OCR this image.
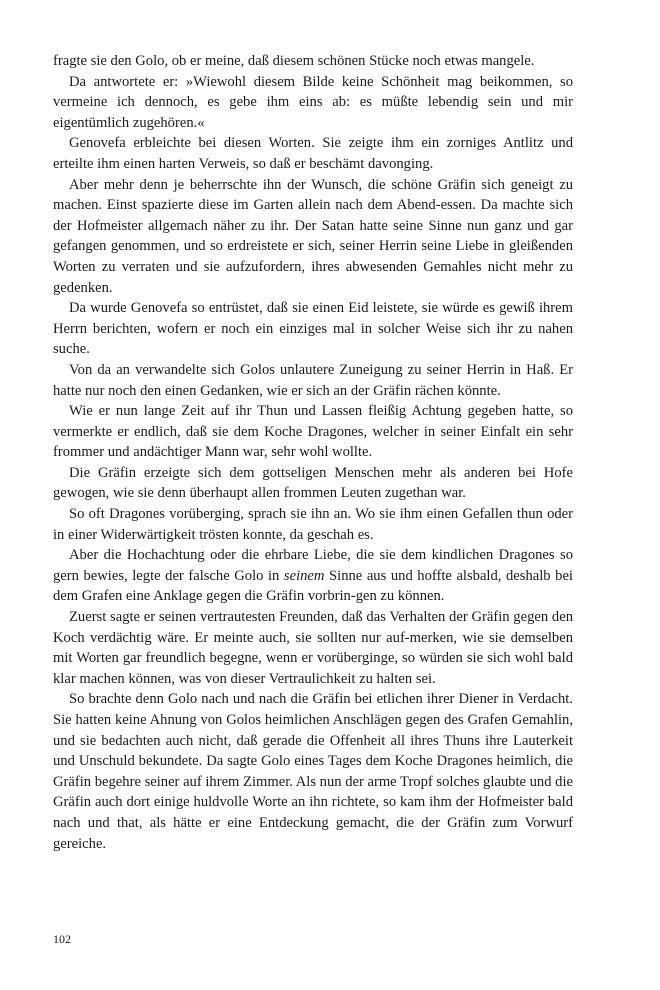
fragte sie den Golo, ob er meine, daß diesem schönen Stücke noch etwas mangele.

Da antwortete er: »Wiewohl diesem Bilde keine Schönheit mag beikommen, so vermeine ich dennoch, es gebe ihm eins ab: es müßte lebendig sein und mir eigentümlich zugehören.«

Genovefa erbleichte bei diesen Worten. Sie zeigte ihm ein zorniges Antlitz und erteilte ihm einen harten Verweis, so daß er beschämt davonging.

Aber mehr denn je beherrschte ihn der Wunsch, die schöne Gräfin sich geneigt zu machen. Einst spazierte diese im Garten allein nach dem Abend-essen. Da machte sich der Hofmeister allgemach näher zu ihr. Der Satan hatte seine Sinne nun ganz und gar gefangen genommen, und so erdreistete er sich, seiner Herrin seine Liebe in gleißenden Worten zu verraten und sie aufzufordern, ihres abwesenden Gemahles nicht mehr zu gedenken.

Da wurde Genovefa so entrüstet, daß sie einen Eid leistete, sie würde es gewiß ihrem Herrn berichten, wofern er noch ein einziges mal in solcher Weise sich ihr zu nahen suche.

Von da an verwandelte sich Golos unlautere Zuneigung zu seiner Herrin in Haß. Er hatte nur noch den einen Gedanken, wie er sich an der Gräfin rächen könnte.

Wie er nun lange Zeit auf ihr Thun und Lassen fleißig Achtung gegeben hatte, so vermerkte er endlich, daß sie dem Koche Dragones, welcher in seiner Einfalt ein sehr frommer und andächtiger Mann war, sehr wohl wollte.

Die Gräfin erzeigte sich dem gottseligen Menschen mehr als anderen bei Hofe gewogen, wie sie denn überhaupt allen frommen Leuten zugethan war.

So oft Dragones vorüberging, sprach sie ihn an. Wo sie ihm einen Gefallen thun oder in einer Widerwärtigkeit trösten konnte, da geschah es.

Aber die Hochachtung oder die ehrbare Liebe, die sie dem kindlichen Dragones so gern bewies, legte der falsche Golo in seinem Sinne aus und hoffte alsbald, deshalb bei dem Grafen eine Anklage gegen die Gräfin vorbrin-gen zu können.

Zuerst sagte er seinen vertrautesten Freunden, daß das Verhalten der Gräfin gegen den Koch verdächtig wäre. Er meinte auch, sie sollten nur auf-merken, wie sie demselben mit Worten gar freundlich begegne, wenn er vorüberginge, so würden sie sich wohl bald klar machen können, was von dieser Vertraulichkeit zu halten sei.

So brachte denn Golo nach und nach die Gräfin bei etlichen ihrer Diener in Verdacht. Sie hatten keine Ahnung von Golos heimlichen Anschlägen gegen des Grafen Gemahlin, und sie bedachten auch nicht, daß gerade die Offenheit all ihres Thuns ihre Lauterkeit und Unschuld bekundete. Da sagte Golo eines Tages dem Koche Dragones heimlich, die Gräfin begehre seiner auf ihrem Zimmer. Als nun der arme Tropf solches glaubte und die Gräfin auch dort einige huldvolle Worte an ihn richtete, so kam ihm der Hofmeister bald nach und that, als hätte er eine Entdeckung gemacht, die der Gräfin zum Vorwurf gereiche.

102
